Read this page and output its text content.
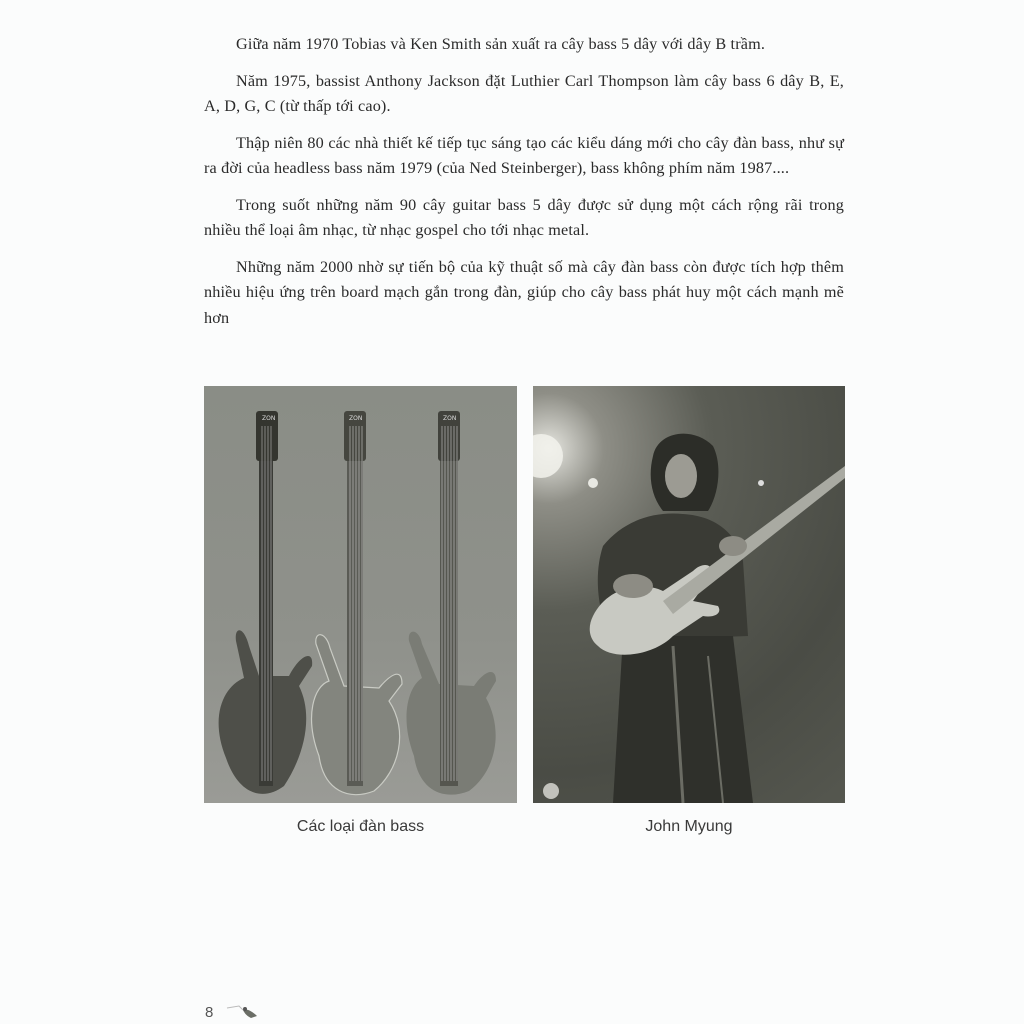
Giữa năm 1970 Tobias và Ken Smith sản xuất ra cây bass 5 dây với dây B trầm.

Năm 1975, bassist Anthony Jackson đặt Luthier Carl Thompson làm cây bass 6 dây B, E, A, D, G, C (từ thấp tới cao).

Thập niên 80 các nhà thiết kế tiếp tục sáng tạo các kiểu dáng mới cho cây đàn bass, như sự ra đời của headless bass năm 1979 (của Ned Steinberger), bass không phím năm 1987....

Trong suốt những năm 90 cây guitar bass 5 dây được sử dụng một cách rộng rãi trong nhiều thể loại âm nhạc, từ nhạc gospel cho tới nhạc metal.

Những năm 2000 nhờ sự tiến bộ của kỹ thuật số mà cây đàn bass còn được tích hợp thêm nhiều hiệu ứng trên board mạch gắn trong đàn, giúp cho cây bass phát huy một cách mạnh mẽ hơn

ZON	ZON	ZON
Các loại đàn bass	John Myung
8
